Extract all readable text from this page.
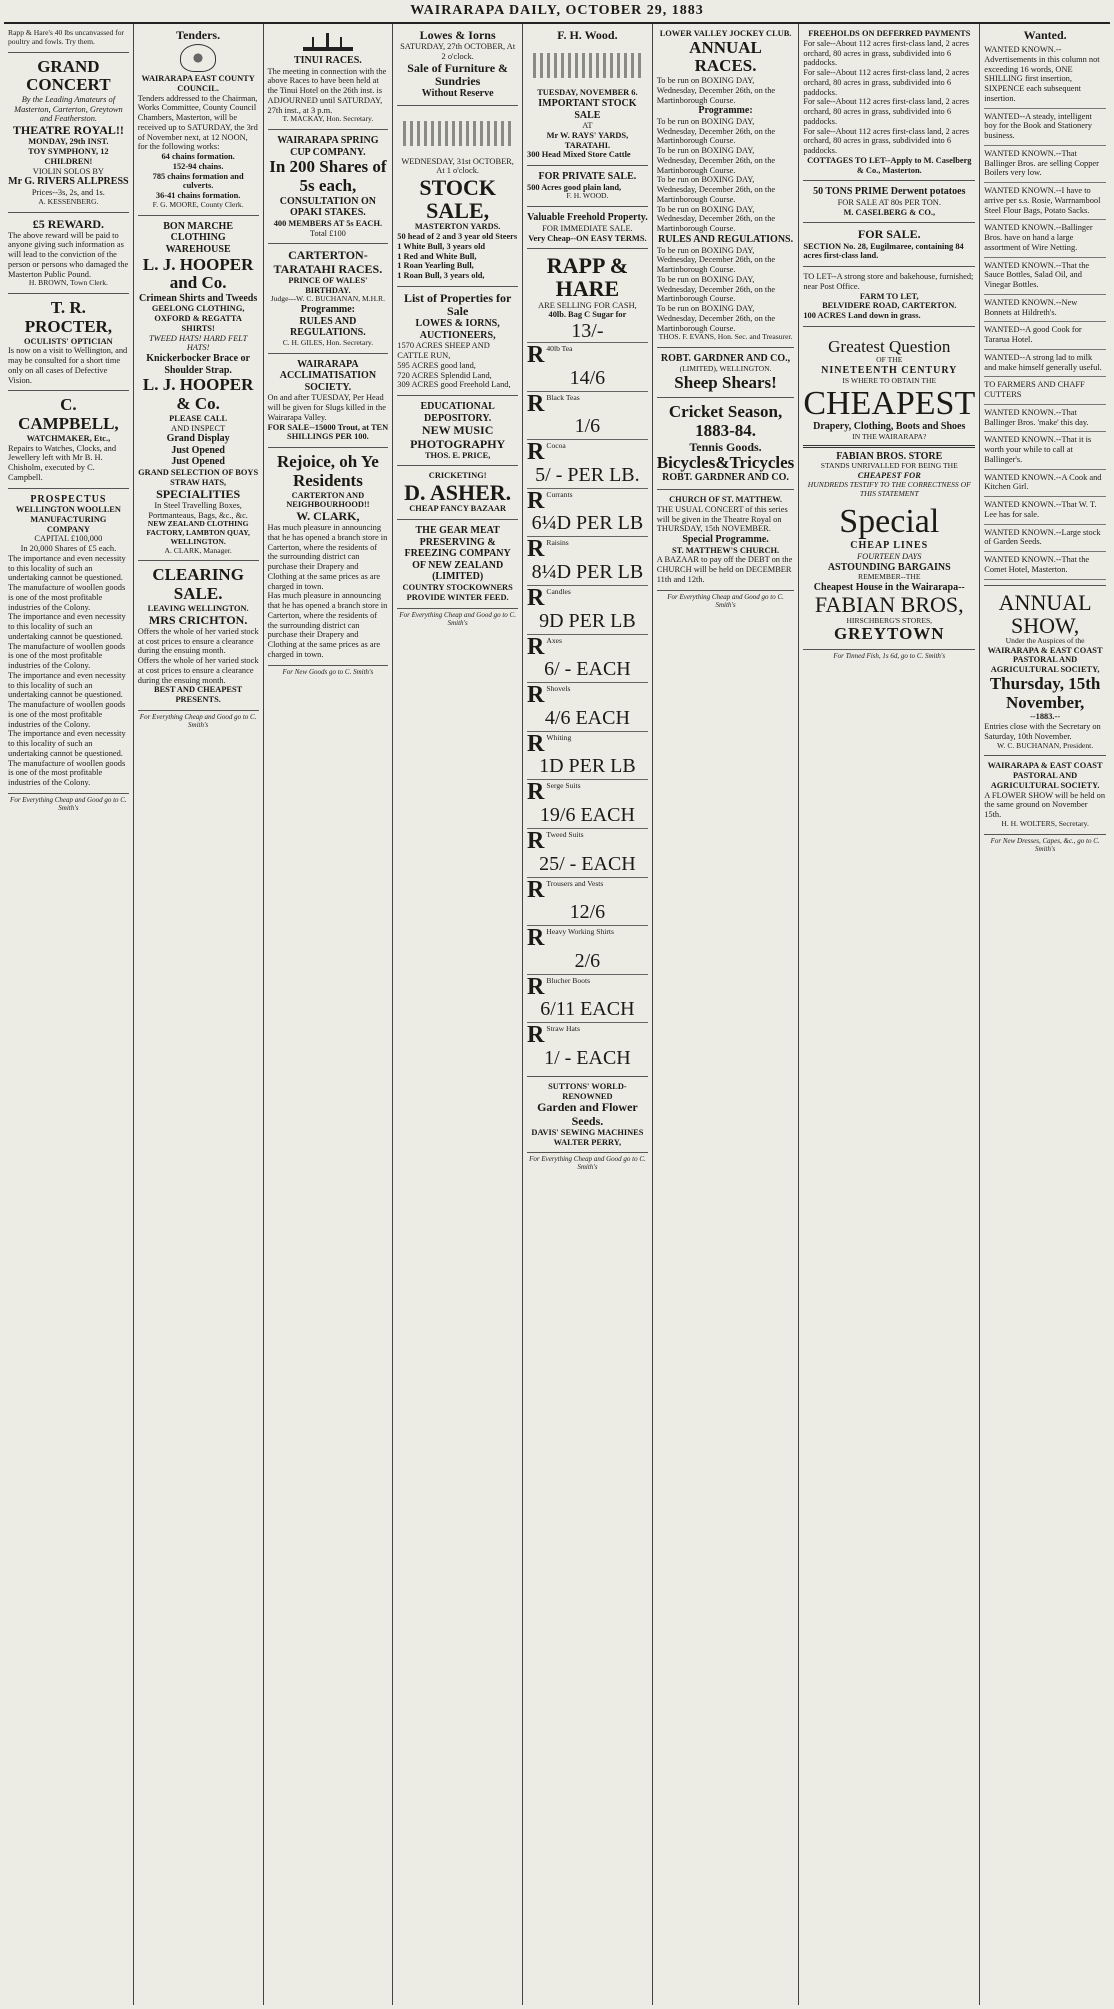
WAIRARAPA DAILY, OCTOBER 29, 1883
Rapp & Hare's 40 lbs uncanvassed for poultry and fowls. Try them.
GRAND CONCERT
By the Leading Amateurs of Masterton, Carterton, Greytown and Featherston.
THEATRE ROYAL!!
MONDAY, 29th INST.
TOY SYMPHONY, 12 CHILDREN!
VIOLIN SOLOS BY
Mr G. RIVERS ALLPRESS
Prices--3s, 2s, and 1s.
A. KESSENBERG.
£5 REWARD.
The above reward will be paid to anyone giving such information as will lead to the conviction of the person or persons who damaged the Masterton Public Pound.
H. BROWN, Town Clerk.
T. R. PROCTER,
OCULISTS' OPTICIAN
Is now on a visit to Wellington, and may be consulted for a short time only on all cases of Defective Vision.
C. CAMPBELL,
WATCHMAKER, Etc.,
Repairs to Watches, Clocks, and Jewellery left with Mr B. H. Chisholm, executed by C. Campbell.
PROSPECTUS
WELLINGTON WOOLLEN MANUFACTURING COMPANY
CAPITAL £100,000
In 20,000 Shares of £5 each.
The importance and even necessity to this locality of such an undertaking cannot be questioned. The manufacture of woollen goods is one of the most profitable industries of the Colony.
The importance and even necessity to this locality of such an undertaking cannot be questioned. The manufacture of woollen goods is one of the most profitable industries of the Colony.
The importance and even necessity to this locality of such an undertaking cannot be questioned. The manufacture of woollen goods is one of the most profitable industries of the Colony.
The importance and even necessity to this locality of such an undertaking cannot be questioned. The manufacture of woollen goods is one of the most profitable industries of the Colony.
For Everything Cheap and Good go to C. Smith's
Tenders.
WAIRARAPA EAST COUNTY COUNCIL.
Tenders addressed to the Chairman, Works Committee, County Council Chambers, Masterton, will be received up to SATURDAY, the 3rd of November next, at 12 NOON, for the following works:
64 chains formation.
152-94 chains.
785 chains formation and culverts.
36-41 chains formation.
F. G. MOORE, County Clerk.
BON MARCHE CLOTHING WAREHOUSE
L. J. HOOPER and Co.
Crimean Shirts and Tweeds
GEELONG CLOTHING,
OXFORD & REGATTA SHIRTS!
TWEED HATS! HARD FELT HATS!
Knickerbocker Brace or Shoulder Strap.
L. J. HOOPER & Co.
PLEASE CALL
AND INSPECT
Grand Display
Just Opened
Just Opened
GRAND SELECTION OF BOYS STRAW HATS,
SPECIALITIES
In Steel Travelling Boxes, Portmanteaus, Bags, &c., &c.
NEW ZEALAND CLOTHING FACTORY, LAMBTON QUAY, WELLINGTON.
A. CLARK, Manager.
CLEARING SALE.
LEAVING WELLINGTON.
MRS CRICHTON.
Offers the whole of her varied stock at cost prices to ensure a clearance during the ensuing month.
Offers the whole of her varied stock at cost prices to ensure a clearance during the ensuing month.
BEST AND CHEAPEST PRESENTS.
For Everything Cheap and Good go to C. Smith's
TINUI RACES.
The meeting in connection with the above Races to have been held at the Tinui Hotel on the 26th inst. is ADJOURNED until SATURDAY, 27th inst., at 3 p.m.
T. MACKAY, Hon. Secretary.
WAIRARAPA SPRING CUP COMPANY.
In 200 Shares of 5s each,
CONSULTATION ON OPAKI STAKES.
400 MEMBERS AT 5s EACH.
Total £100
CARTERTON-TARATAHI RACES.
PRINCE OF WALES' BIRTHDAY.
Judge---W. C. BUCHANAN, M.H.R.
Programme:
RULES AND REGULATIONS.
C. H. GILES, Hon. Secretary.
WAIRARAPA ACCLIMATISATION SOCIETY.
On and after TUESDAY, Per Head will be given for Slugs killed in the Wairarapa Valley.
FOR SALE--15000 Trout, at TEN SHILLINGS PER 100.
Rejoice, oh Ye Residents
CARTERTON AND NEIGHBOURHOOD!!
W. CLARK,
Has much pleasure in announcing that he has opened a branch store in Carterton, where the residents of the surrounding district can purchase their Drapery and Clothing at the same prices as are charged in town.
Has much pleasure in announcing that he has opened a branch store in Carterton, where the residents of the surrounding district can purchase their Drapery and Clothing at the same prices as are charged in town.
For New Goods go to C. Smith's
Lowes & Iorns
SATURDAY, 27th OCTOBER, At 2 o'clock.
Sale of Furniture & Sundries
Without Reserve
WEDNESDAY, 31st OCTOBER, At 1 o'clock.
STOCK SALE,
MASTERTON YARDS.
50 head of 2 and 3 year old Steers
1 White Bull, 3 years old
1 Red and White Bull,
1 Roan Yearling Bull,
1 Roan Bull, 3 years old,
List of Properties for Sale
LOWES & IORNS, AUCTIONEERS,
1570 ACRES SHEEP AND CATTLE RUN,
595 ACRES good land,
720 ACRES Splendid Land,
309 ACRES good Freehold Land,
EDUCATIONAL DEPOSITORY.
NEW MUSIC
PHOTOGRAPHY
THOS. E. PRICE,
CRICKETING!
D. ASHER.
CHEAP FANCY BAZAAR
THE GEAR MEAT PRESERVING & FREEZING COMPANY OF NEW ZEALAND (LIMITED)
COUNTRY STOCKOWNERS PROVIDE WINTER FEED.
For Everything Cheap and Good go to C. Smith's
F. H. Wood.
TUESDAY, NOVEMBER 6.
IMPORTANT STOCK SALE
AT
Mr W. RAYS' YARDS, TARATAHI.
300 Head Mixed Store Cattle
FOR PRIVATE SALE.
500 Acres good plain land,
F. H. WOOD.
Valuable Freehold Property.
FOR IMMEDIATE SALE.
Very Cheap--ON EASY TERMS.
RAPP & HARE
ARE SELLING FOR CASH,
40lb. Bag C Sugar for
13/-
R 40lb Tea
14/6
R Black Teas
1/6
R Cocoa
5/ - PER LB.
R Currants
6¼D PER LB
R Raisins
8¼D PER LB
R Candles
9D PER LB
R Axes
6/ - EACH
R Shovels
4/6 EACH
R Whiting
1D PER LB
R Serge Suits
19/6 EACH
R Tweed Suits
25/ - EACH
R Trousers and Vests
12/6
R Heavy Working Shirts
2/6
R Blucher Boots
6/11 EACH
R Straw Hats
1/ - EACH
SUTTONS' WORLD-RENOWNED
Garden and Flower Seeds.
DAVIS' SEWING MACHINES
WALTER PERRY,
For Everything Cheap and Good go to C. Smith's
LOWER VALLEY JOCKEY CLUB.
ANNUAL RACES.
To be run on BOXING DAY, Wednesday, December 26th, on the Martinborough Course.
Programme:
To be run on BOXING DAY, Wednesday, December 26th, on the Martinborough Course.
To be run on BOXING DAY, Wednesday, December 26th, on the Martinborough Course.
To be run on BOXING DAY, Wednesday, December 26th, on the Martinborough Course.
To be run on BOXING DAY, Wednesday, December 26th, on the Martinborough Course.
RULES AND REGULATIONS.
To be run on BOXING DAY, Wednesday, December 26th, on the Martinborough Course.
To be run on BOXING DAY, Wednesday, December 26th, on the Martinborough Course.
To be run on BOXING DAY, Wednesday, December 26th, on the Martinborough Course.
THOS. F. EVANS, Hon. Sec. and Treasurer.
ROBT. GARDNER AND CO.,
(LIMITED), WELLINGTON.
Sheep Shears!
Cricket Season,
1883-84.
Tennis Goods.
Bicycles&Tricycles
ROBT. GARDNER AND CO.
CHURCH OF ST. MATTHEW.
THE USUAL CONCERT of this series will be given in the Theatre Royal on THURSDAY, 15th NOVEMBER.
Special Programme.
ST. MATTHEW'S CHURCH.
A BAZAAR to pay off the DEBT on the CHURCH will be held on DECEMBER 11th and 12th.
For Everything Cheap and Good go to C. Smith's
FREEHOLDS ON DEFERRED PAYMENTS
For sale--About 112 acres first-class land, 2 acres orchard, 80 acres in grass, subdivided into 6 paddocks.
For sale--About 112 acres first-class land, 2 acres orchard, 80 acres in grass, subdivided into 6 paddocks.
For sale--About 112 acres first-class land, 2 acres orchard, 80 acres in grass, subdivided into 6 paddocks.
For sale--About 112 acres first-class land, 2 acres orchard, 80 acres in grass, subdivided into 6 paddocks.
COTTAGES TO LET--Apply to M. Caselberg & Co., Masterton.
50 TONS PRIME Derwent potatoes
FOR SALE AT 80s PER TON.
M. CASELBERG & CO.,
FOR SALE.
SECTION No. 28, Eugilmaree, containing 84 acres first-class land.
TO LET--A strong store and bakehouse, furnished; near Post Office.
FARM TO LET,
BELVIDERE ROAD, CARTERTON.
100 ACRES Land down in grass.
Greatest Question
OF THE
NINETEENTH CENTURY
IS WHERE TO OBTAIN THE
CHEAPEST
Drapery, Clothing, Boots and Shoes
IN THE WAIRARAPA?
FABIAN BROS. STORE
STANDS UNRIVALLED FOR BEING THE
CHEAPEST FOR
HUNDREDS TESTIFY TO THE CORRECTNESS OF THIS STATEMENT
Special
CHEAP LINES
FOURTEEN DAYS
ASTOUNDING BARGAINS
REMEMBER--THE
Cheapest House in the Wairarapa--
FABIAN BROS,
HIRSCHBERG'S STORES,
GREYTOWN
For Tinned Fish, 1s 6d, go to C. Smith's
Wanted.
WANTED KNOWN.--Advertisements in this column not exceeding 16 words, ONE SHILLING first insertion, SIXPENCE each subsequent insertion.
WANTED--A steady, intelligent boy for the Book and Stationery business.
WANTED KNOWN.--That Ballinger Bros. are selling Copper Boilers very low.
WANTED KNOWN.--I have to arrive per s.s. Rosie, Warrnambool Steel Flour Bags, Potato Sacks.
WANTED KNOWN.--Ballinger Bros. have on hand a large assortment of Wire Netting.
WANTED KNOWN.--That the Sauce Bottles, Salad Oil, and Vinegar Bottles.
WANTED KNOWN.--New Bonnets at Hildreth's.
WANTED--A good Cook for Tararua Hotel.
WANTED--A strong lad to milk and make himself generally useful.
TO FARMERS AND CHAFF CUTTERS
WANTED KNOWN.--That Ballinger Bros. 'make' this day.
WANTED KNOWN.--That it is worth your while to call at Ballinger's.
WANTED KNOWN.--A Cook and Kitchen Girl.
WANTED KNOWN.--That W. T. Lee has for sale.
WANTED KNOWN.--Large stock of Garden Seeds.
WANTED KNOWN.--That the Comet Hotel, Masterton.
ANNUAL SHOW,
Under the Auspices of the
WAIRARAPA & EAST COAST PASTORAL AND AGRICULTURAL SOCIETY,
Thursday, 15th November,
--1883.--
Entries close with the Secretary on Saturday, 10th November.
W. C. BUCHANAN, President.
WAIRARAPA & EAST COAST PASTORAL AND AGRICULTURAL SOCIETY.
A FLOWER SHOW will be held on the same ground on November 15th.
H. H. WOLTERS, Secretary.
For New Dresses, Capes, &c., go to C. Smith's
